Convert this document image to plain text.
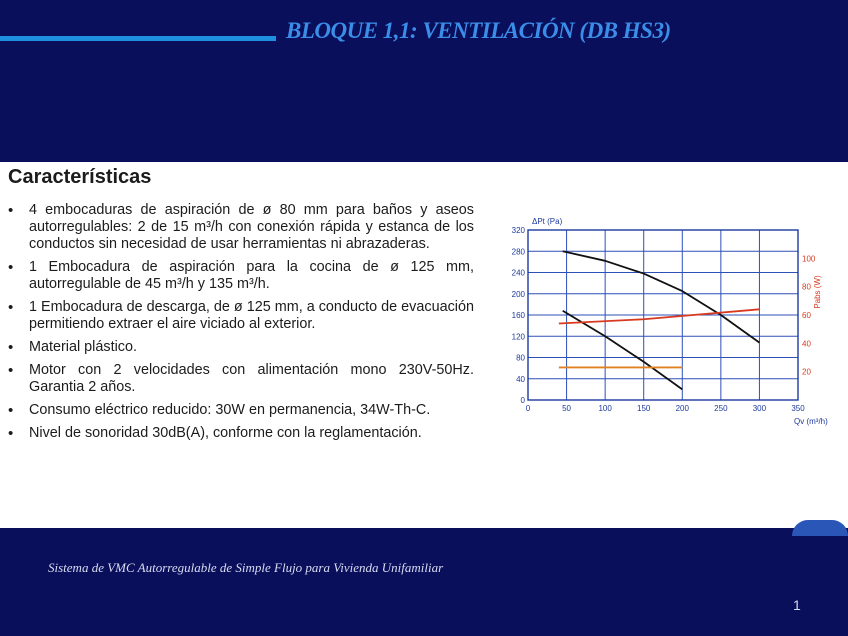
BLOQUE 1,1: VENTILACIÓN (DB HS3)
Características
• 4 embocaduras de aspiración de ø 80 mm para baños y aseos autorregulables: 2 de 15 m³/h con conexión rápida y estanca de los conductos sin necesidad de usar herramientas ni abrazaderas.
• 1 Embocadura de aspiración para la cocina de ø 125 mm, autorregulable de 45 m³/h y 135 m³/h.
• 1 Embocadura de descarga, de ø 125 mm, a conducto de evacuación permitiendo extraer el aire viciado al exterior.
• Material plástico.
• Motor con 2 velocidades con alimentación mono 230V-50Hz. Garantia 2 años.
• Consumo eléctrico reducido: 30W en permanencia, 34W-Th-C.
• Nivel de sonoridad 30dB(A), conforme con la reglamentación.
0	50	100	150	200	250	300	350
0
40
80
120
160
200
240
280
320
20
40
60
80
100
ΔPt (Pa)
Qv (m³/h)
Pabs (W)
Sistema de VMC Autorregulable de Simple Flujo para Vivienda Unifamiliar
1
